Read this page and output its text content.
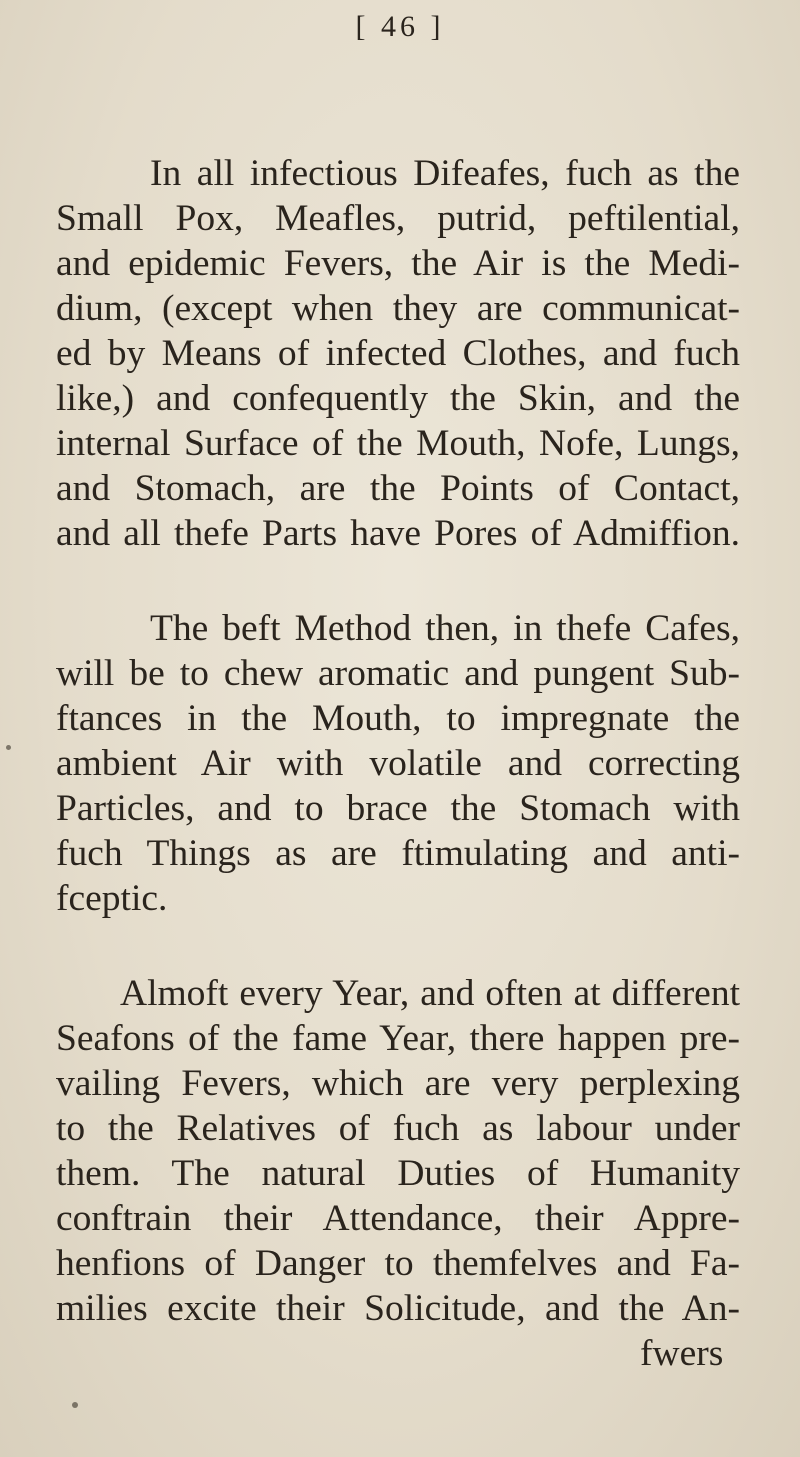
[ 46 ]
In all infectious Difeafes, fuch as the
Small Pox, Meafles, putrid, peftilential,
and epidemic Fevers, the Air is the Medi-
dium, (except when they are communicat-
ed by Means of infected Clothes, and fuch
like,) and confequently the Skin, and the
internal Surface of the Mouth, Nofe, Lungs,
and Stomach, are the Points of Contact,
and all thefe Parts have Pores of Admiffion.
The beft Method then, in thefe Cafes,
will be to chew aromatic and pungent Sub-
ftances in the Mouth, to impregnate the
ambient Air with volatile and correcting
Particles, and to brace the Stomach with
fuch Things as are ftimulating and anti-
fceptic.
Almoft every Year, and often at different
Seafons of the fame Year, there happen pre-
vailing Fevers, which are very perplexing
to the Relatives of fuch as labour under
them. The natural Duties of Humanity
conftrain their Attendance, their Appre-
henfions of Danger to themfelves and Fa-
milies excite their Solicitude, and the An-
fwers
